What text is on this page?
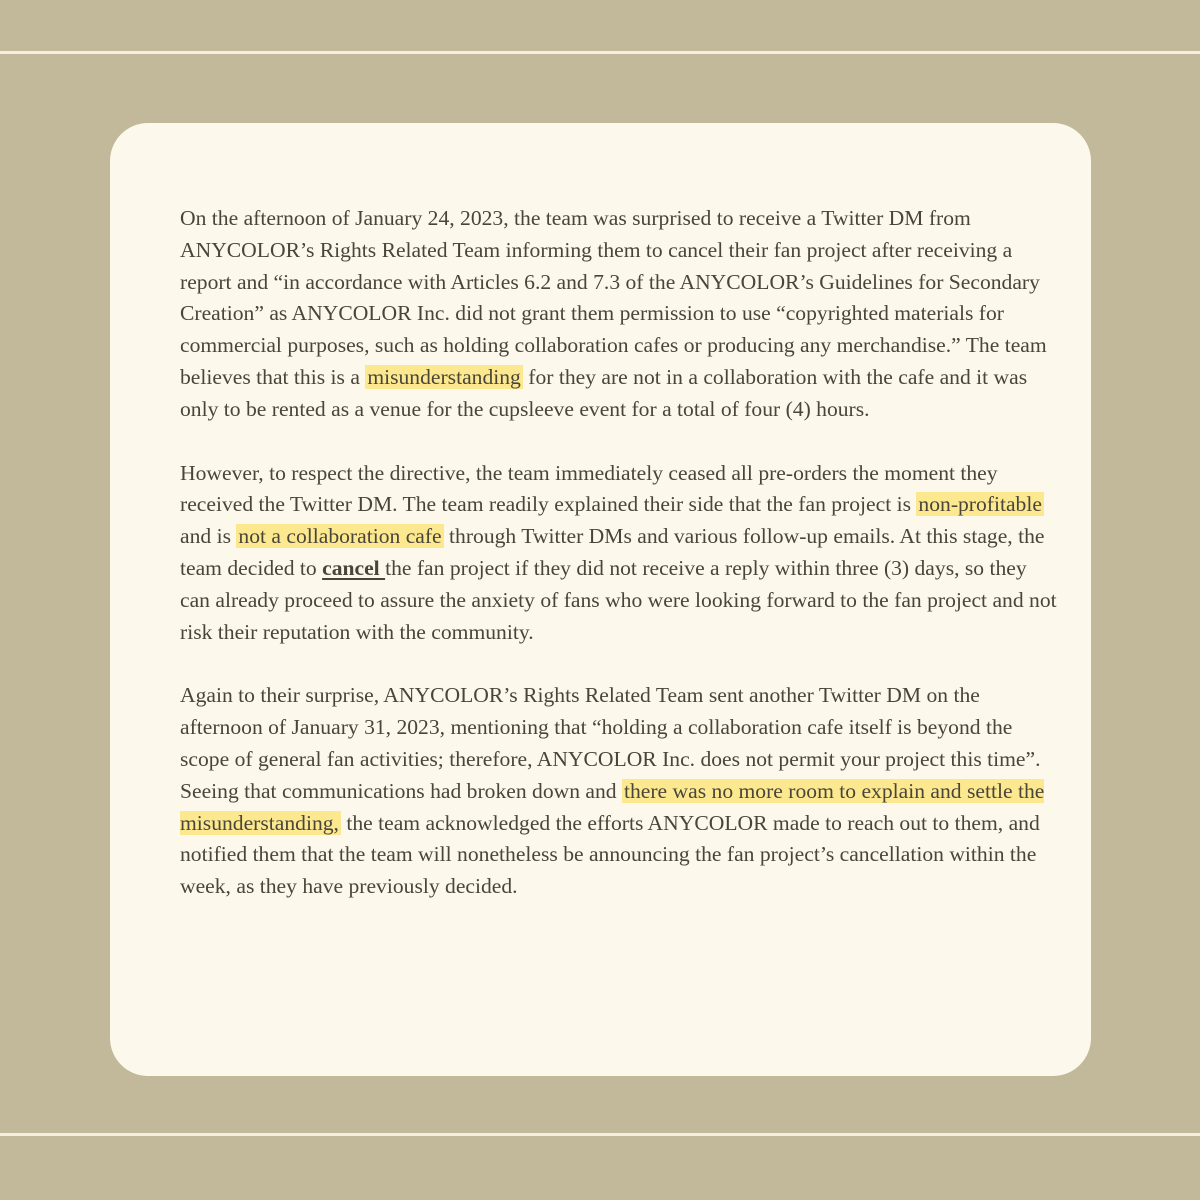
On the afternoon of January 24, 2023, the team was surprised to receive a Twitter DM from ANYCOLOR’s Rights Related Team informing them to cancel their fan project after receiving a report and “in accordance with Articles 6.2 and 7.3 of the ANYCOLOR’s Guidelines for Secondary Creation” as ANYCOLOR Inc. did not grant them permission to use “copyrighted materials for commercial purposes, such as holding collaboration cafes or producing any merchandise.” The team believes that this is a misunderstanding for they are not in a collaboration with the cafe and it was only to be rented as a venue for the cupsleeve event for a total of four (4) hours.

However, to respect the directive, the team immediately ceased all pre-orders the moment they received the Twitter DM. The team readily explained their side that the fan project is non-profitable and is not a collaboration cafe through Twitter DMs and various follow-up emails. At this stage, the team decided to cancel the fan project if they did not receive a reply within three (3) days, so they can already proceed to assure the anxiety of fans who were looking forward to the fan project and not risk their reputation with the community.

Again to their surprise, ANYCOLOR’s Rights Related Team sent another Twitter DM on the afternoon of January 31, 2023, mentioning that “holding a collaboration cafe itself is beyond the scope of general fan activities; therefore, ANYCOLOR Inc. does not permit your project this time”. Seeing that communications had broken down and there was no more room to explain and settle the misunderstanding, the team acknowledged the efforts ANYCOLOR made to reach out to them, and notified them that the team will nonetheless be announcing the fan project’s cancellation within the week, as they have previously decided.
